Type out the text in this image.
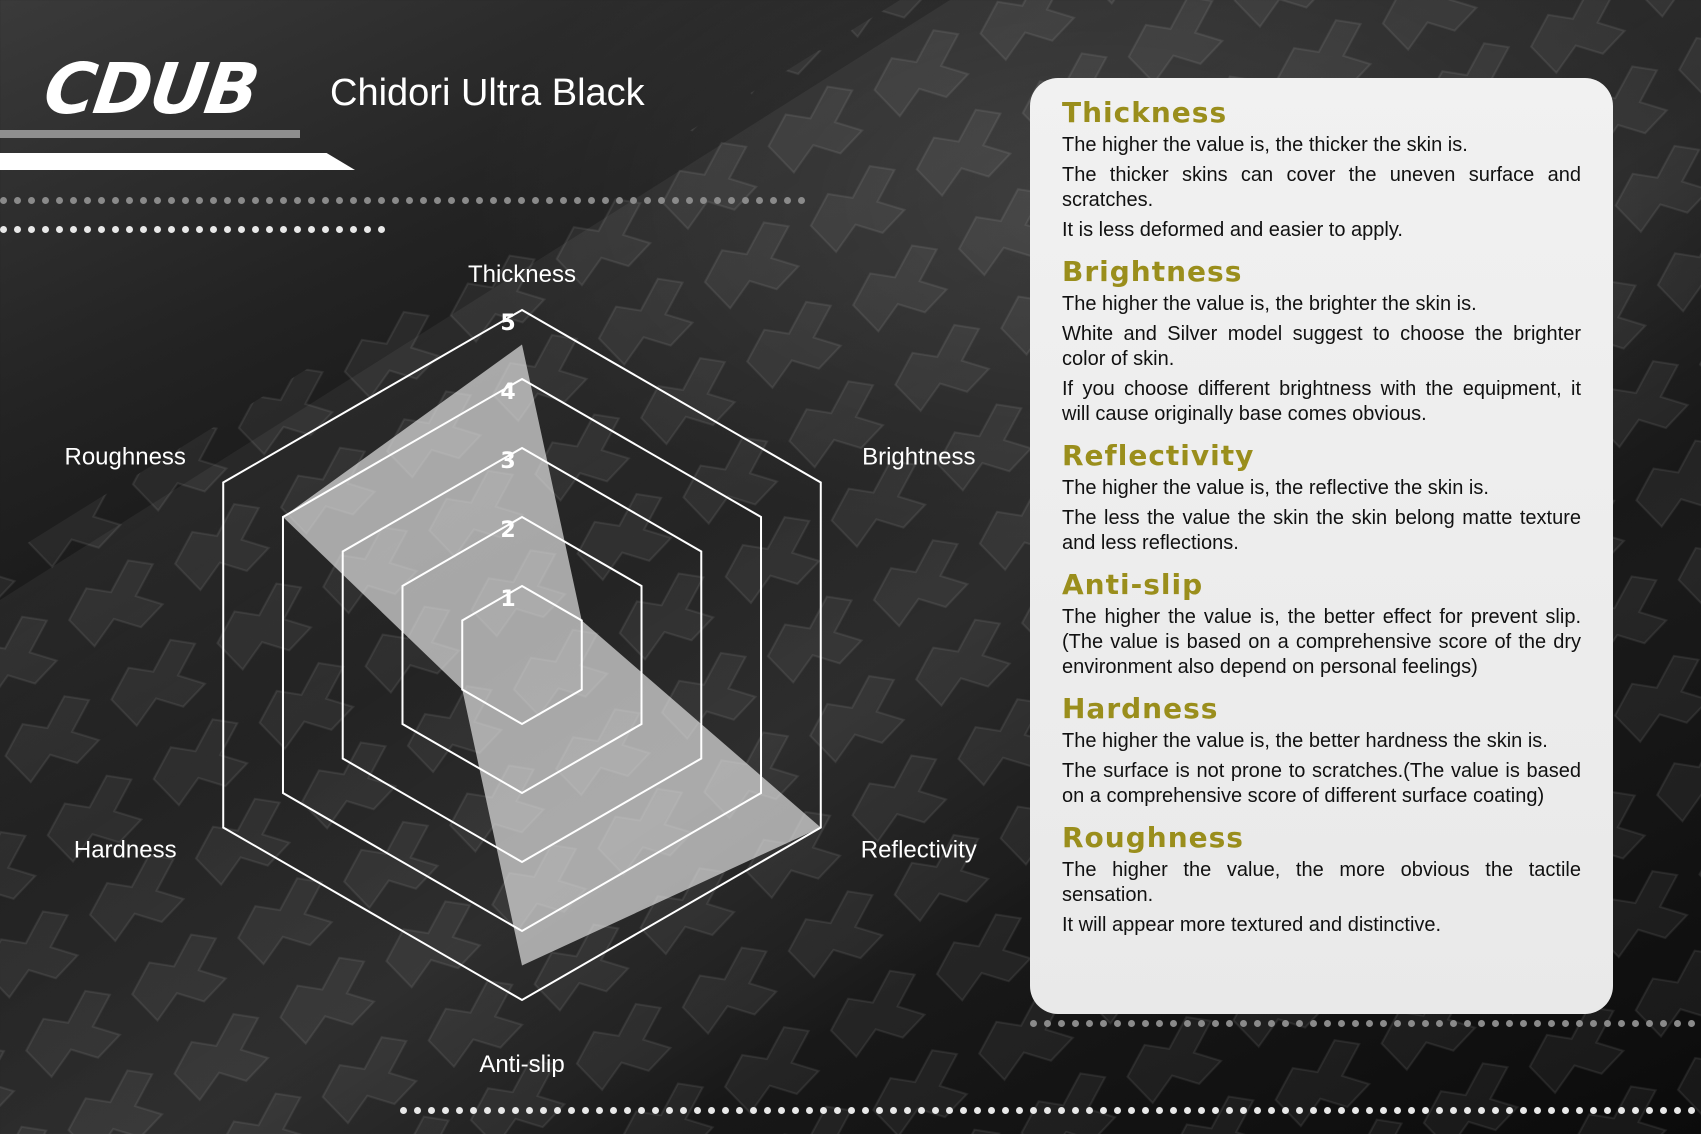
CDUB Chidori Ultra Black
1
2
3
4
5
Thickness
Brightness
Reflectivity
Anti-slip
Hardness
Roughness
Thickness

The higher the value is, the thicker the skin is.

The thicker skins can cover the uneven surface and scratches.

It is less deformed and easier to apply.

Brightness

The higher the value is, the brighter the skin is.

White and Silver model suggest to choose the brighter color of skin.

If you choose different brightness with the equipment, it will cause originally base comes obvious.

Reflectivity

The higher the value is, the reflective the skin is.

The less the value the skin the skin belong matte texture and less reflections.

Anti-slip

The higher the value is, the better effect for prevent slip.(The value is based on a comprehensive score of the dry environment also depend on personal feelings)

Hardness

The higher the value is, the better hardness the skin is.

The surface is not prone to scratches.(The value is based on a comprehensive score of different surface coating)

Roughness

The higher the value, the more obvious the tactile sensation.

It will appear more textured and distinctive.
